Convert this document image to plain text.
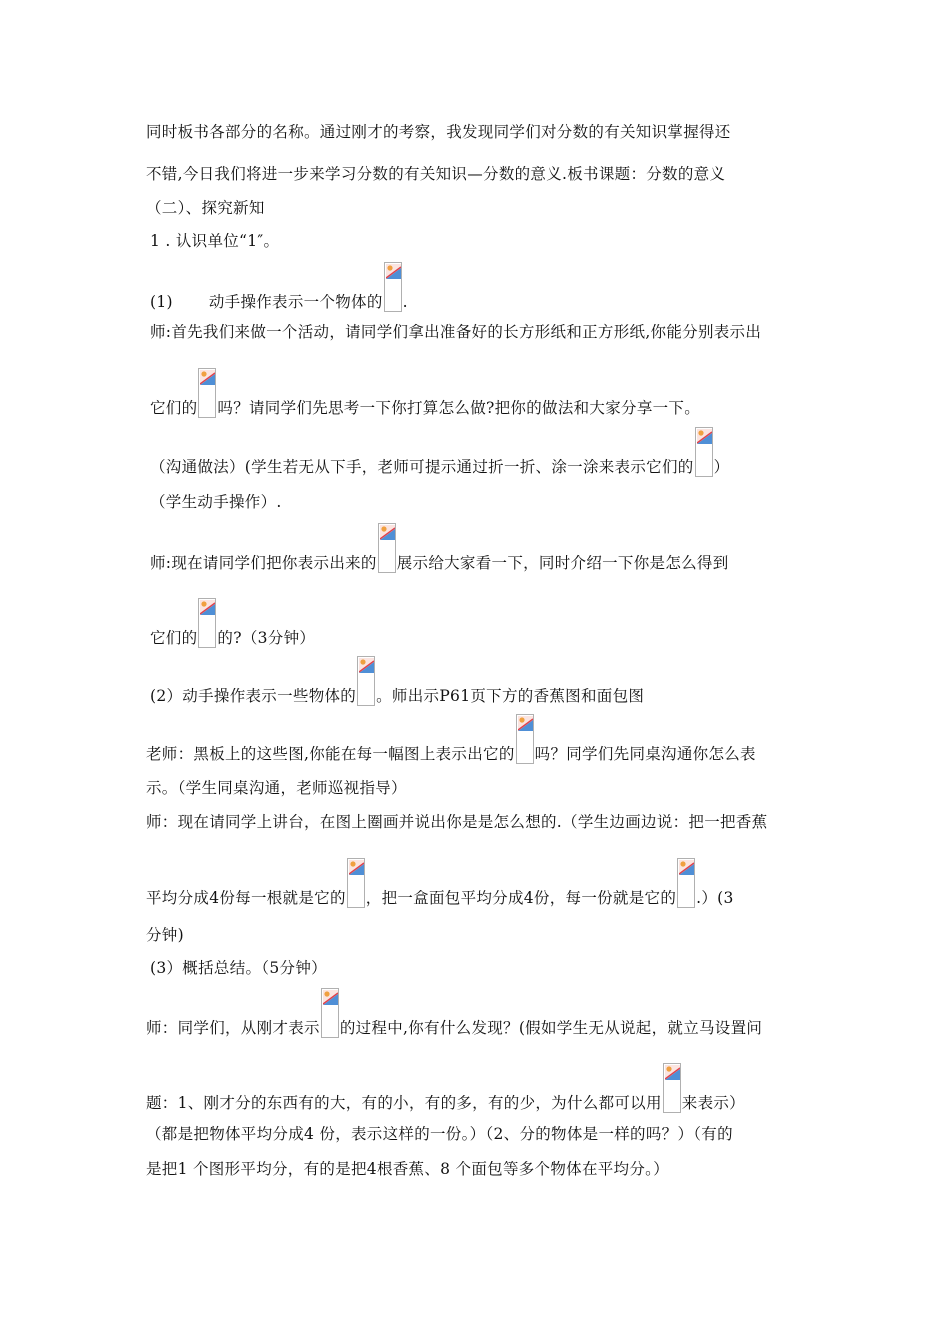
同时板书各部分的名称。通过刚才的考察，我发现同学们对分数的有关知识掌握得还
不错,今日我们将进一步来学习分数的有关知识—分数的意义.板书课题：分数的意义
（二）、探究新知
1 . 认识单位“1″。
(1) 动手操作表示一个物体的 .
师:首先我们来做一个活动，请同学们拿出准备好的长方形纸和正方形纸,你能分别表示出
它们的 吗？请同学们先思考一下你打算怎么做?把你的做法和大家分享一下。
（沟通做法）(学生若无从下手，老师可提示通过折一折、涂一涂来表示它们的 ）
（学生动手操作）.
师:现在请同学们把你表示出来的 展示给大家看一下，同时介绍一下你是怎么得到
它们的 的?（3分钟）
(2）动手操作表示一些物体的 。师出示P61页下方的香蕉图和面包图
老师：黑板上的这些图,你能在每一幅图上表示出它的 吗？同学们先同桌沟通你怎么表
示。（学生同桌沟通，老师巡视指导）
师：现在请同学上讲台，在图上圈画并说出你是是怎么想的.（学生边画边说：把一把香蕉
平均分成4份每一根就是它的 ，把一盒面包平均分成4份，每一份就是它的 .）(3
分钟)
(3）概括总结。（5分钟）
师：同学们，从刚才表示 的过程中,你有什么发现？(假如学生无从说起，就立马设置问
题：1、刚才分的东西有的大，有的小，有的多，有的少，为什么都可以用 来表示）
（都是把物体平均分成4 份，表示这样的一份。）（2、分的物体是一样的吗？）（有的
是把1 个图形平均分，有的是把4根香蕉、8 个面包等多个物体在平均分。）
